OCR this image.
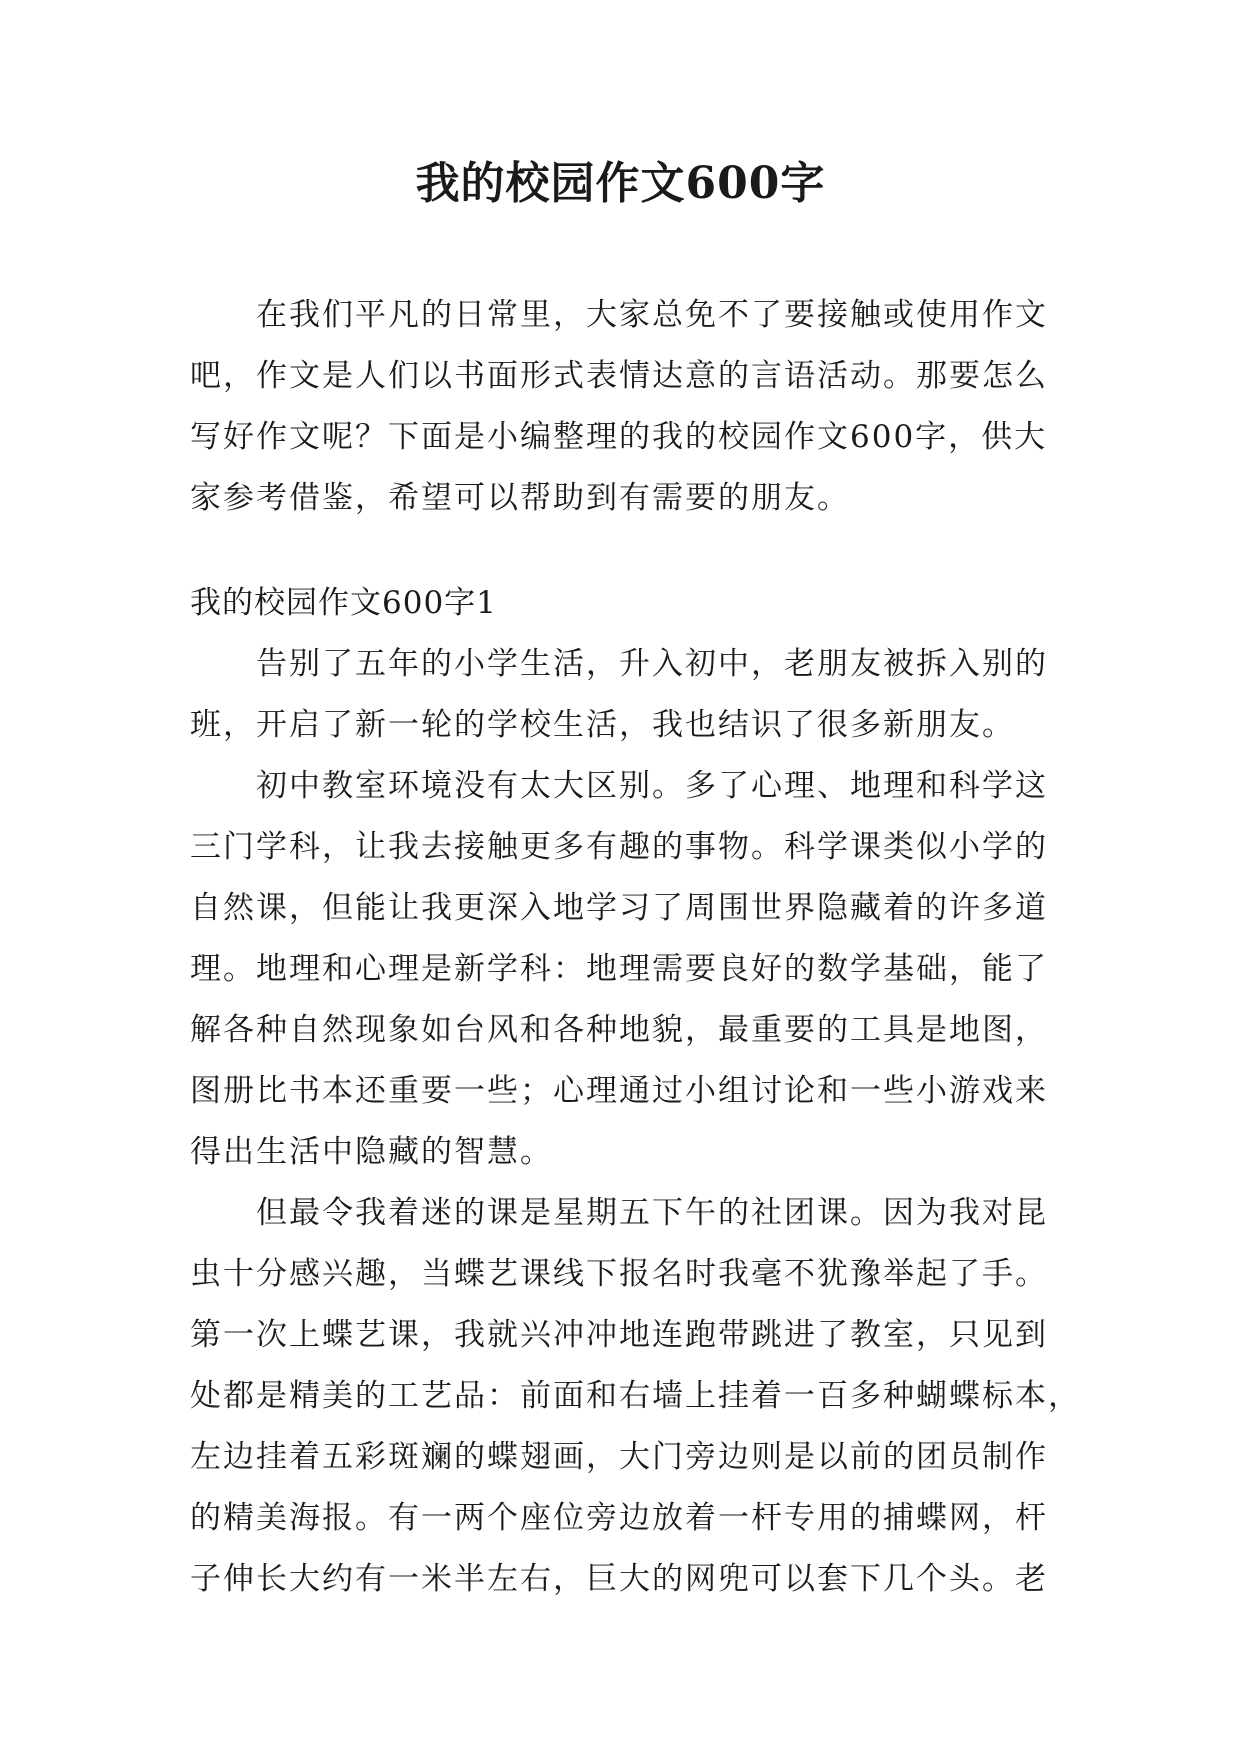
我的校园作文600字
在我们平凡的日常里，大家总免不了要接触或使用作文
吧，作文是人们以书面形式表情达意的言语活动。那要怎么
写好作文呢？下面是小编整理的我的校园作文600字，供大
家参考借鉴，希望可以帮助到有需要的朋友。
我的校园作文600字1
告别了五年的小学生活，升入初中，老朋友被拆入别的
班，开启了新一轮的学校生活，我也结识了很多新朋友。
初中教室环境没有太大区别。多了心理、地理和科学这
三门学科，让我去接触更多有趣的事物。科学课类似小学的
自然课，但能让我更深入地学习了周围世界隐藏着的许多道
理。地理和心理是新学科：地理需要良好的数学基础，能了
解各种自然现象如台风和各种地貌，最重要的工具是地图，
图册比书本还重要一些；心理通过小组讨论和一些小游戏来
得出生活中隐藏的智慧。
但最令我着迷的课是星期五下午的社团课。因为我对昆
虫十分感兴趣，当蝶艺课线下报名时我毫不犹豫举起了手。
第一次上蝶艺课，我就兴冲冲地连跑带跳进了教室，只见到
处都是精美的工艺品：前面和右墙上挂着一百多种蝴蝶标本，
左边挂着五彩斑斓的蝶翅画，大门旁边则是以前的团员制作
的精美海报。有一两个座位旁边放着一杆专用的捕蝶网，杆
子伸长大约有一米半左右，巨大的网兜可以套下几个头。老
